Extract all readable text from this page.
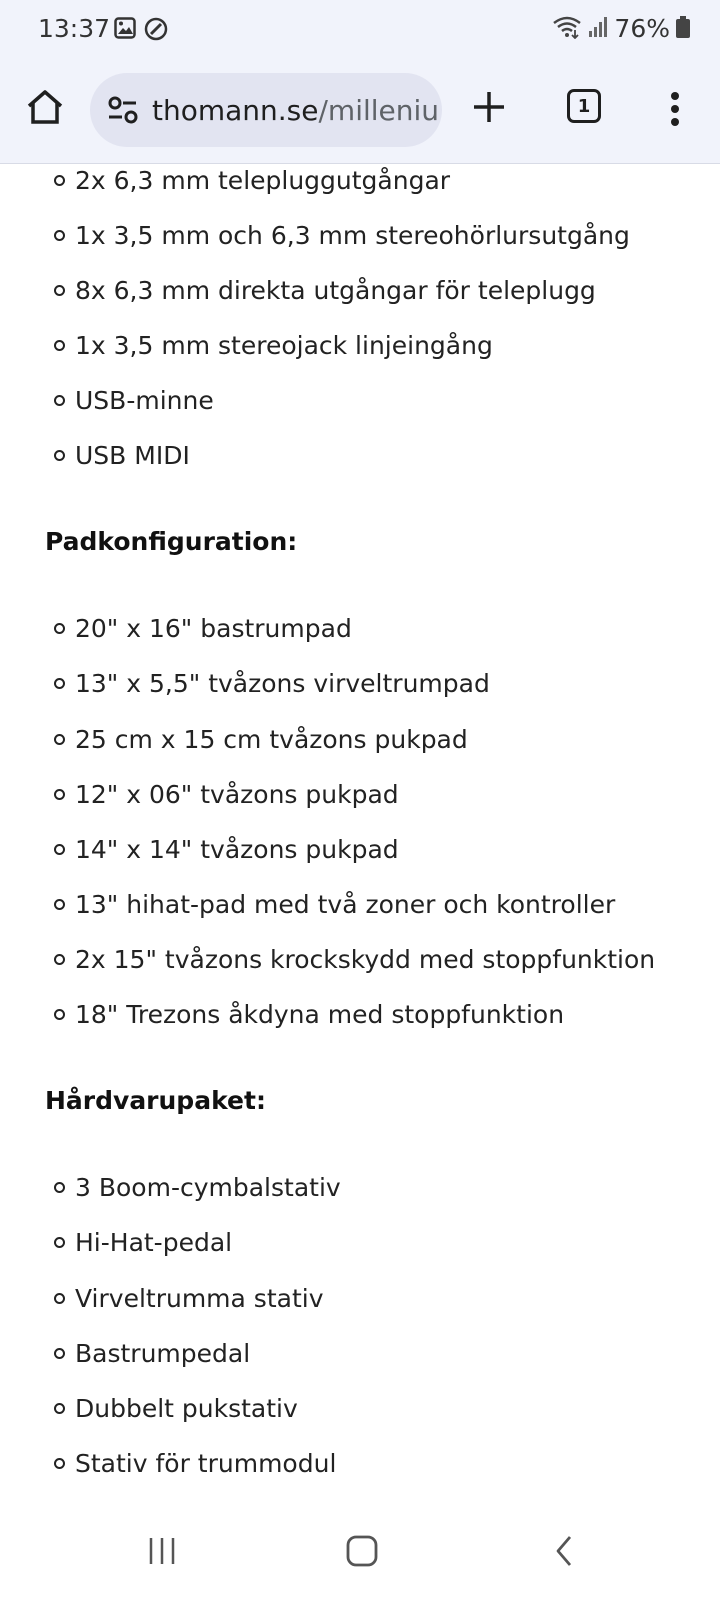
13:37	76%
thomann.se/milleniu	1
2x 6,3 mm telepluggutgångar
1x 3,5 mm och 6,3 mm stereohörlursutgång
8x 6,3 mm direkta utgångar för teleplugg
1x 3,5 mm stereojack linjeingång
USB-minne
USB MIDI
Padkonfiguration:
20" x 16" bastrumpad
13" x 5,5" tvåzons virveltrumpad
25 cm x 15 cm tvåzons pukpad
12" x 06" tvåzons pukpad
14" x 14" tvåzons pukpad
13" hihat-pad med två zoner och kontroller
2x 15" tvåzons krockskydd med stoppfunktion
18" Trezons åkdyna med stoppfunktion
Hårdvarupaket:
3 Boom-cymbalstativ
Hi-Hat-pedal
Virveltrumma stativ
Bastrumpedal
Dubbelt pukstativ
Stativ för trummodul
